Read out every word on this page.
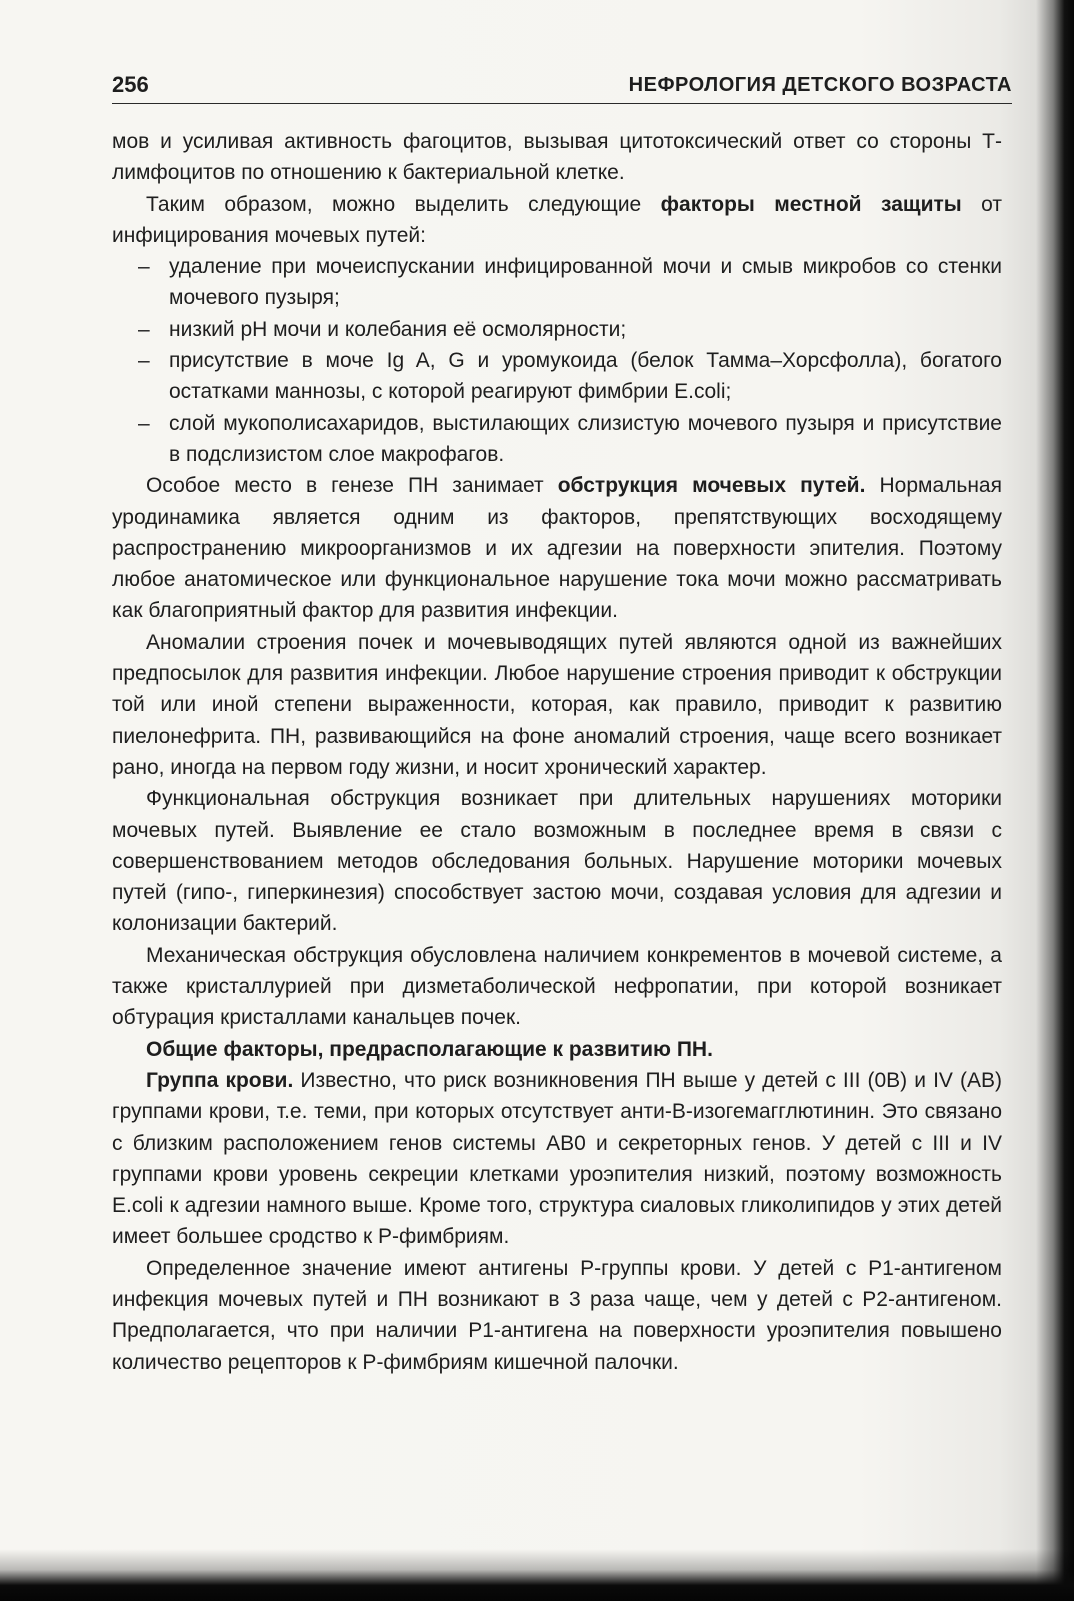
256	НЕФРОЛОГИЯ ДЕТСКОГО ВОЗРАСТА

мов и усиливая активность фагоцитов, вызывая цитотоксический ответ со стороны Т-лимфоцитов по отношению к бактериальной клетке.

Таким образом, можно выделить следующие факторы местной защиты от инфицирования мочевых путей:

– удаление при мочеиспускании инфицированной мочи и смыв микробов со стенки мочевого пузыря;
– низкий pH мочи и колебания её осмолярности;
– присутствие в моче Ig A, G и уромукоида (белок Тамма–Хорсфолла), богатого остатками маннозы, с которой реагируют фимбрии E.coli;
– слой мукополисахаридов, выстилающих слизистую мочевого пузыря и присутствие в подслизистом слое макрофагов.

Особое место в генезе ПН занимает обструкция мочевых путей. Нормальная уродинамика является одним из факторов, препятствующих восходящему распространению микроорганизмов и их адгезии на поверхности эпителия. Поэтому любое анатомическое или функциональное нарушение тока мочи можно рассматривать как благоприятный фактор для развития инфекции.

Аномалии строения почек и мочевыводящих путей являются одной из важнейших предпосылок для развития инфекции. Любое нарушение строения приводит к обструкции той или иной степени выраженности, которая, как правило, приводит к развитию пиелонефрита. ПН, развивающийся на фоне аномалий строения, чаще всего возникает рано, иногда на первом году жизни, и носит хронический характер.

Функциональная обструкция возникает при длительных нарушениях моторики мочевых путей. Выявление ее стало возможным в последнее время в связи с совершенствованием методов обследования больных. Нарушение моторики мочевых путей (гипо-, гиперкинезия) способствует застою мочи, создавая условия для адгезии и колонизации бактерий.

Механическая обструкция обусловлена наличием конкрементов в мочевой системе, а также кристаллурией при дизметаболической нефропатии, при которой возникает обтурация кристаллами канальцев почек.

Общие факторы, предрасполагающие к развитию ПН.

Группа крови. Известно, что риск возникновения ПН выше у детей с III (0B) и IV (AB) группами крови, т.е. теми, при которых отсутствует анти-В-изогемагглютинин. Это связано с близким расположением генов системы АВ0 и секреторных генов. У детей с III и IV группами крови уровень секреции клетками уроэпителия низкий, поэтому возможность E.coli к адгезии намного выше. Кроме того, структура сиаловых гликолипидов у этих детей имеет большее сродство к Р-фимбриям.

Определенное значение имеют антигены Р-группы крови. У детей с Р1-антигеном инфекция мочевых путей и ПН возникают в 3 раза чаще, чем у детей с Р2-антигеном. Предполагается, что при наличии Р1-антигена на поверхности уроэпителия повышено количество рецепторов к Р-фимбриям кишечной палочки.
